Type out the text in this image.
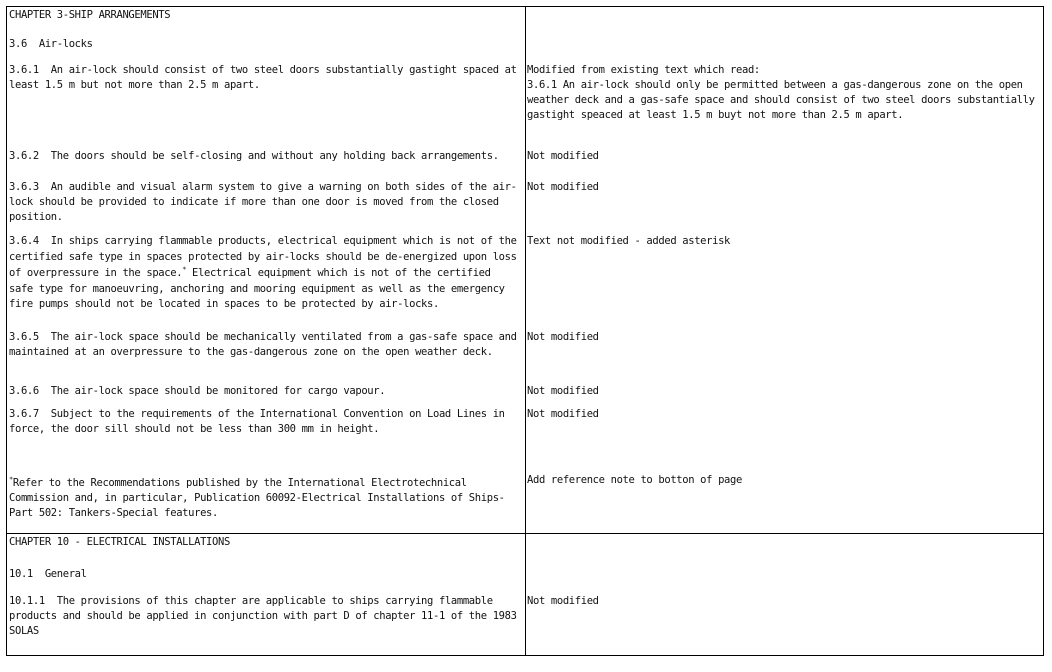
CHAPTER 3-SHIP ARRANGEMENTS
3.6  Air-locks
3.6.1  An air-lock should consist of two steel doors substantially gastight spaced at
least 1.5 m but not more than 2.5 m apart.
Modified from existing text which read:
3.6.1 An air-lock should only be permitted between a gas-dangerous zone on the open
weather deck and a gas-safe space and should consist of two steel doors substantially
gastight speaced at least 1.5 m buyt not more than 2.5 m apart.
3.6.2  The doors should be self-closing and without any holding back arrangements.	Not modified
3.6.3  An audible and visual alarm system to give a warning on both sides of the air-
lock should be provided to indicate if more than one door is moved from the closed
position.
Not modified
3.6.4  In ships carrying flammable products, electrical equipment which is not of the
certified safe type in spaces protected by air-locks should be de-energized upon loss
of overpressure in the space.* Electrical equipment which is not of the certified
safe type for manoeuvring, anchoring and mooring equipment as well as the emergency
fire pumps should not be located in spaces to be protected by air-locks.
Text not modified - added asterisk
3.6.5  The air-lock space should be mechanically ventilated from a gas-safe space and
maintained at an overpressure to the gas-dangerous zone on the open weather deck.
Not modified
3.6.6  The air-lock space should be monitored for cargo vapour.	Not modified
3.6.7  Subject to the requirements of the International Convention on Load Lines in
force, the door sill should not be less than 300 mm in height.
Not modified
*Refer to the Recommendations published by the International Electrotechnical
Commission and, in particular, Publication 60092-Electrical Installations of Ships-
Part 502: Tankers-Special features.
Add reference note to botton of page
CHAPTER 10 - ELECTRICAL INSTALLATIONS
10.1  General
10.1.1  The provisions of this chapter are applicable to ships carrying flammable
products and should be applied in conjunction with part D of chapter 11-1 of the 1983
SOLAS
Not modified
